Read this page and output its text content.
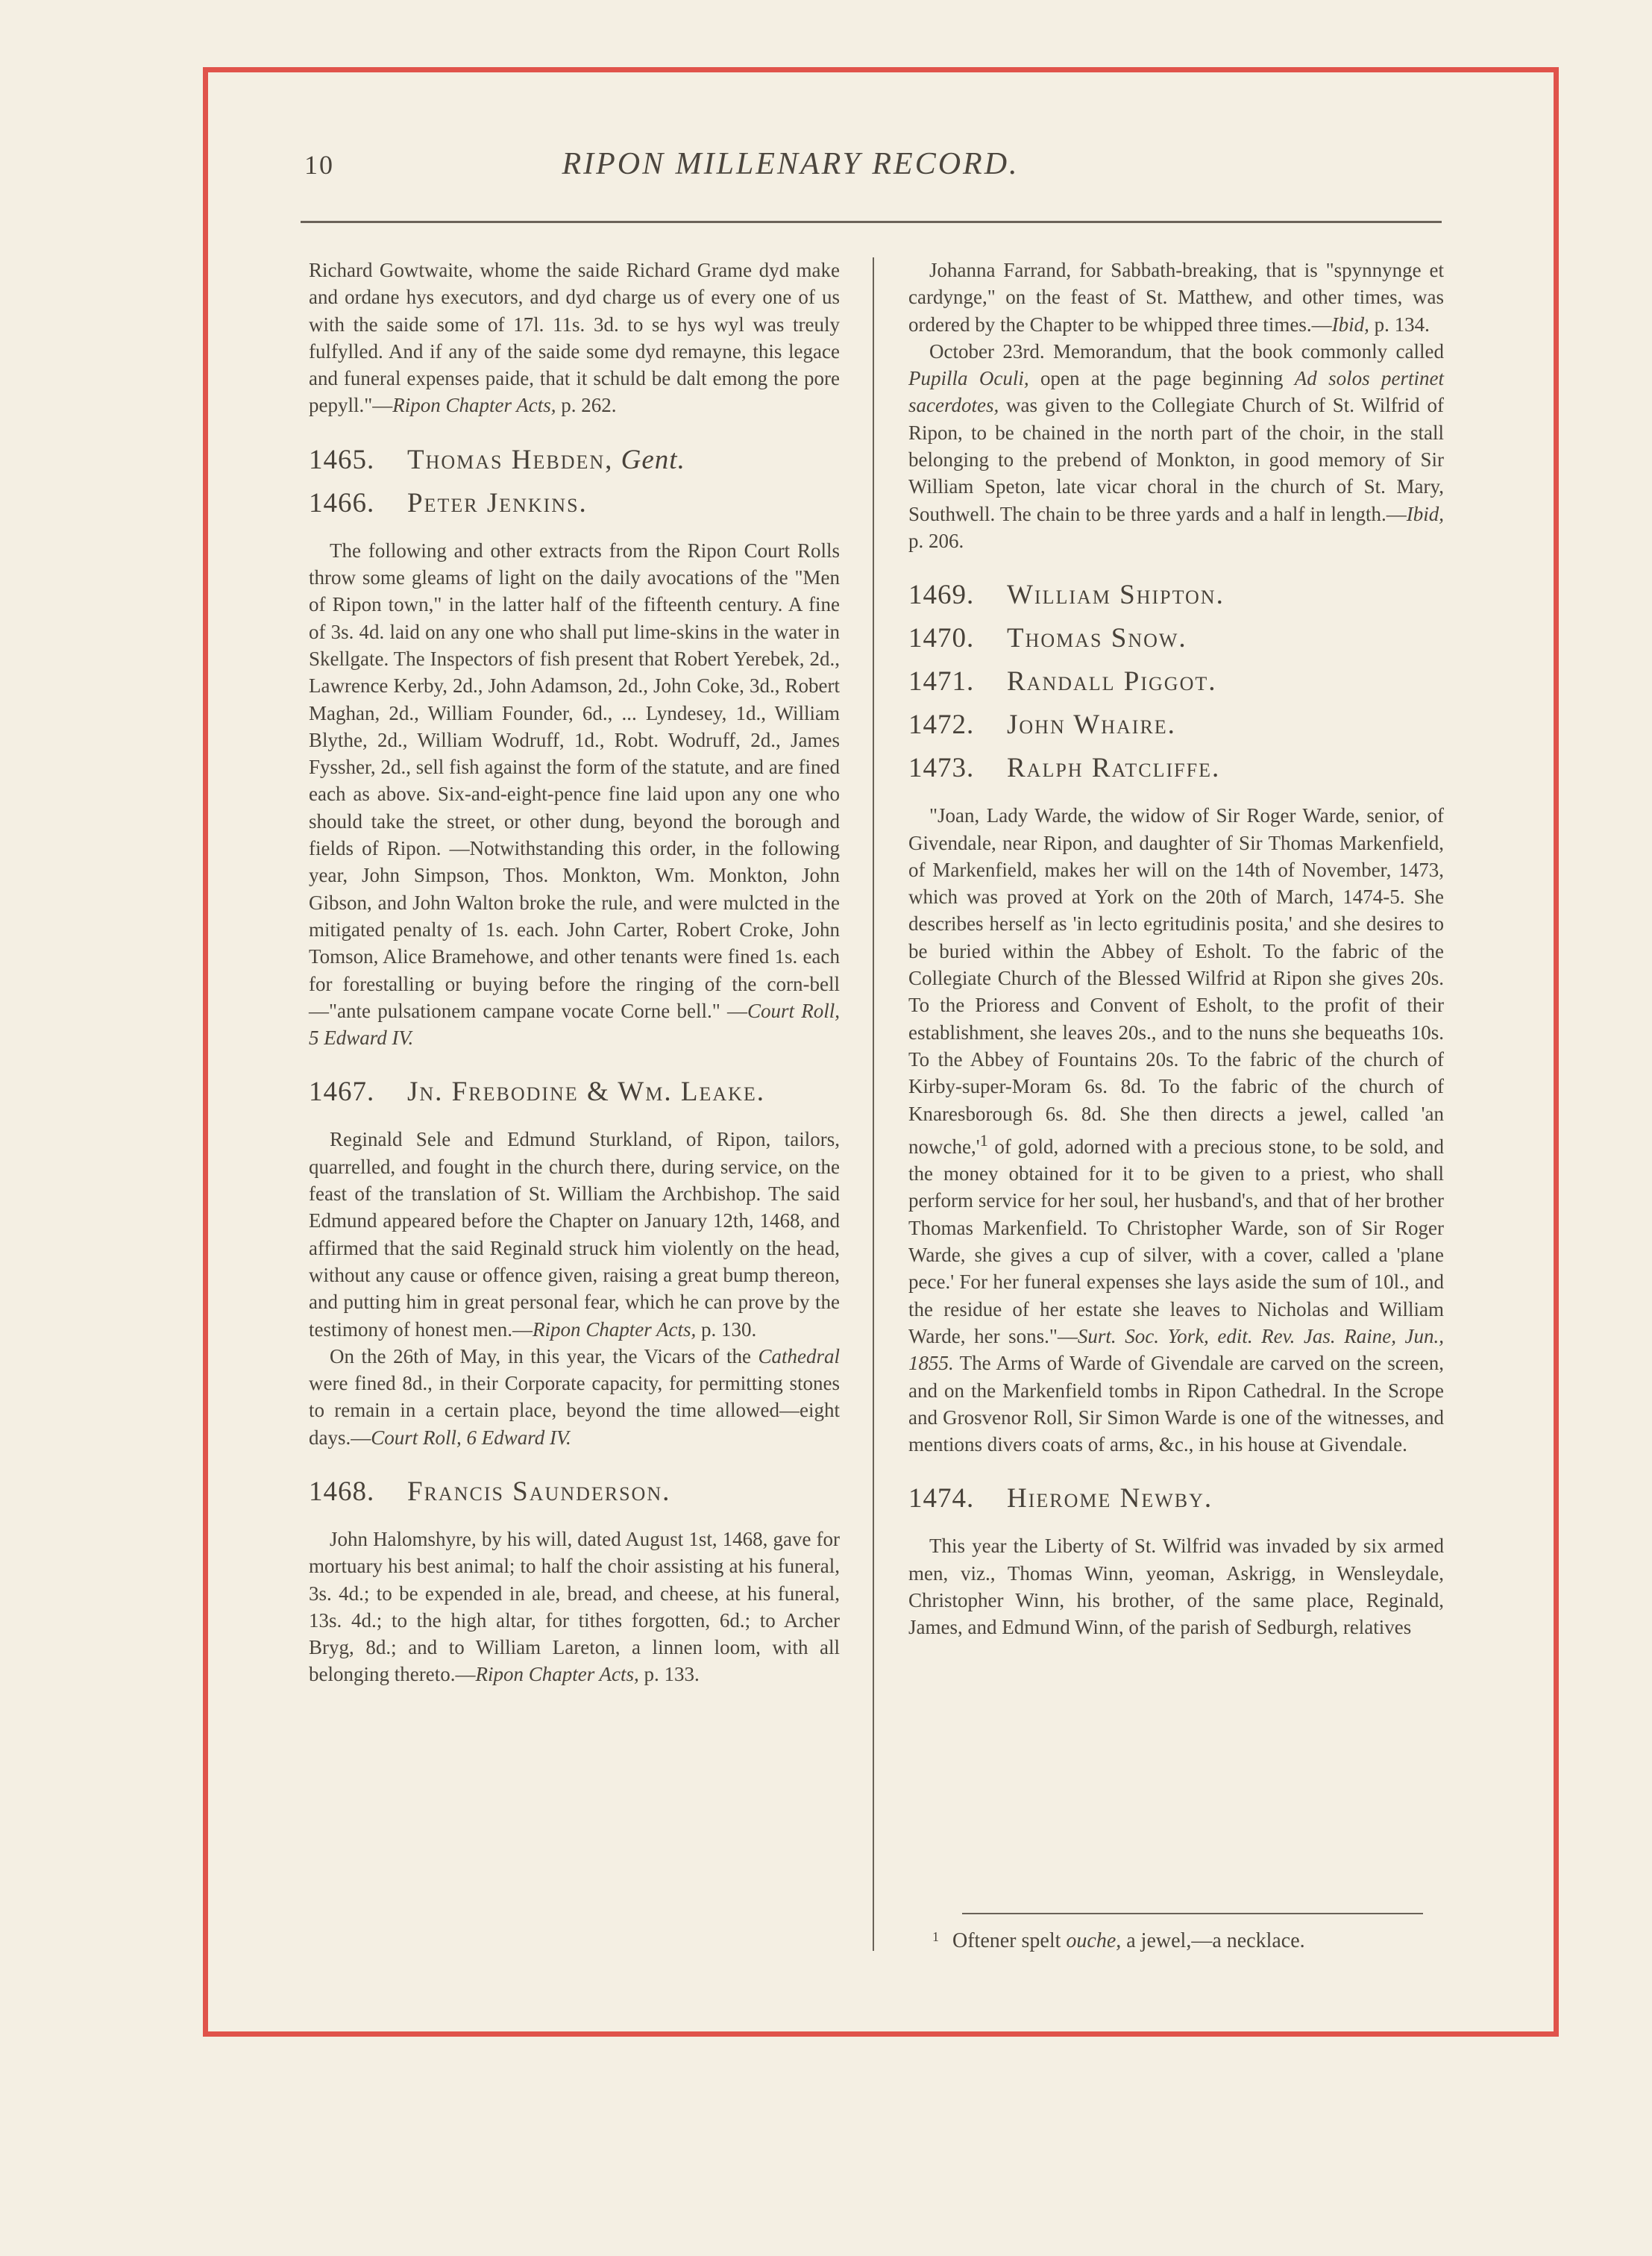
10	RIPON MILLENARY RECORD.

Richard Gowtwaite, whome the saide Richard Grame dyd make and ordane hys executors, and dyd charge us of every one of us with the saide some of 17l. 11s. 3d. to se hys wyl was treuly fulfylled. And if any of the saide some dyd remayne, this legace and funeral expenses paide, that it schuld be dalt emong the pore pepyll."—Ripon Chapter Acts, p. 262.

1465. Thomas Hebden, Gent.
1466. Peter Jenkins.

The following and other extracts from the Ripon Court Rolls throw some gleams of light on the daily avocations of the "Men of Ripon town," in the latter half of the fifteenth century. A fine of 3s. 4d. laid on any one who shall put lime-skins in the water in Skellgate. The Inspectors of fish present that Robert Yerebek, 2d., Lawrence Kerby, 2d., John Adamson, 2d., John Coke, 3d., Robert Maghan, 2d., William Founder, 6d., ... Lyndesey, 1d., William Blythe, 2d., William Wodruff, 1d., Robt. Wodruff, 2d., James Fyssher, 2d., sell fish against the form of the statute, and are fined each as above. Six-and-eight-pence fine laid upon any one who should take the street, or other dung, beyond the borough and fields of Ripon. —Notwithstanding this order, in the following year, John Simpson, Thos. Monkton, Wm. Monkton, John Gibson, and John Walton broke the rule, and were mulcted in the mitigated penalty of 1s. each. John Carter, Robert Croke, John Tomson, Alice Bramehowe, and other tenants were fined 1s. each for forestalling or buying before the ringing of the corn-bell —"ante pulsationem campane vocate Corne bell." —Court Roll, 5 Edward IV.

1467. Jn. Frebodine & Wm. Leake.

Reginald Sele and Edmund Sturkland, of Ripon, tailors, quarrelled, and fought in the church there, during service, on the feast of the translation of St. William the Archbishop. The said Edmund appeared before the Chapter on January 12th, 1468, and affirmed that the said Reginald struck him violently on the head, without any cause or offence given, raising a great bump thereon, and putting him in great personal fear, which he can prove by the testimony of honest men.—Ripon Chapter Acts, p. 130.

On the 26th of May, in this year, the Vicars of the Cathedral were fined 8d., in their Corporate capacity, for permitting stones to remain in a certain place, beyond the time allowed—eight days.—Court Roll, 6 Edward IV.

1468. Francis Saunderson.

John Halomshyre, by his will, dated August 1st, 1468, gave for mortuary his best animal; to half the choir assisting at his funeral, 3s. 4d.; to be expended in ale, bread, and cheese, at his funeral, 13s. 4d.; to the high altar, for tithes forgotten, 6d.; to Archer Bryg, 8d.; and to William Lareton, a linnen loom, with all belonging thereto.—Ripon Chapter Acts, p. 133.

Johanna Farrand, for Sabbath-breaking, that is "spynnynge et cardynge," on the feast of St. Matthew, and other times, was ordered by the Chapter to be whipped three times.—Ibid, p. 134.

October 23rd. Memorandum, that the book commonly called Pupilla Oculi, open at the page beginning Ad solos pertinet sacerdotes, was given to the Collegiate Church of St. Wilfrid of Ripon, to be chained in the north part of the choir, in the stall belonging to the prebend of Monkton, in good memory of Sir William Speton, late vicar choral in the church of St. Mary, Southwell. The chain to be three yards and a half in length.—Ibid, p. 206.

1469. William Shipton.
1470. Thomas Snow.
1471. Randall Piggot.
1472. John Whaire.
1473. Ralph Ratcliffe.

"Joan, Lady Warde, the widow of Sir Roger Warde, senior, of Givendale, near Ripon, and daughter of Sir Thomas Markenfield, of Markenfield, makes her will on the 14th of November, 1473, which was proved at York on the 20th of March, 1474-5. She describes herself as 'in lecto egritudinis posita,' and she desires to be buried within the Abbey of Esholt. To the fabric of the Collegiate Church of the Blessed Wilfrid at Ripon she gives 20s. To the Prioress and Convent of Esholt, to the profit of their establishment, she leaves 20s., and to the nuns she bequeaths 10s. To the Abbey of Fountains 20s. To the fabric of the church of Kirby-super-Moram 6s. 8d. To the fabric of the church of Knaresborough 6s. 8d. She then directs a jewel, called 'an $nowche,'^1$ of gold, adorned with a precious stone, to be sold, and the money obtained for it to be given to a priest, who shall perform service for her soul, her husband's, and that of her brother Thomas Markenfield. To Christopher Warde, son of Sir Roger Warde, she gives a cup of silver, with a cover, called a 'plane pece.' For her funeral expenses she lays aside the sum of 10l., and the residue of her estate she leaves to Nicholas and William Warde, her sons."—Surt. Soc. York, edit. Rev. Jas. Raine, Jun., 1855. The Arms of Warde of Givendale are carved on the screen, and on the Markenfield tombs in Ripon Cathedral. In the Scrope and Grosvenor Roll, Sir Simon Warde is one of the witnesses, and mentions divers coats of arms, &c., in his house at Givendale.

1474. Hierome Newby.

This year the Liberty of St. Wilfrid was invaded by six armed men, viz., Thomas Winn, yeoman, Askrigg, in Wensleydale, Christopher Winn, his brother, of the same place, Reginald, James, and Edmund Winn, of the parish of Sedburgh, relatives

$^1$ Oftener spelt ouche, a jewel,—a necklace.
